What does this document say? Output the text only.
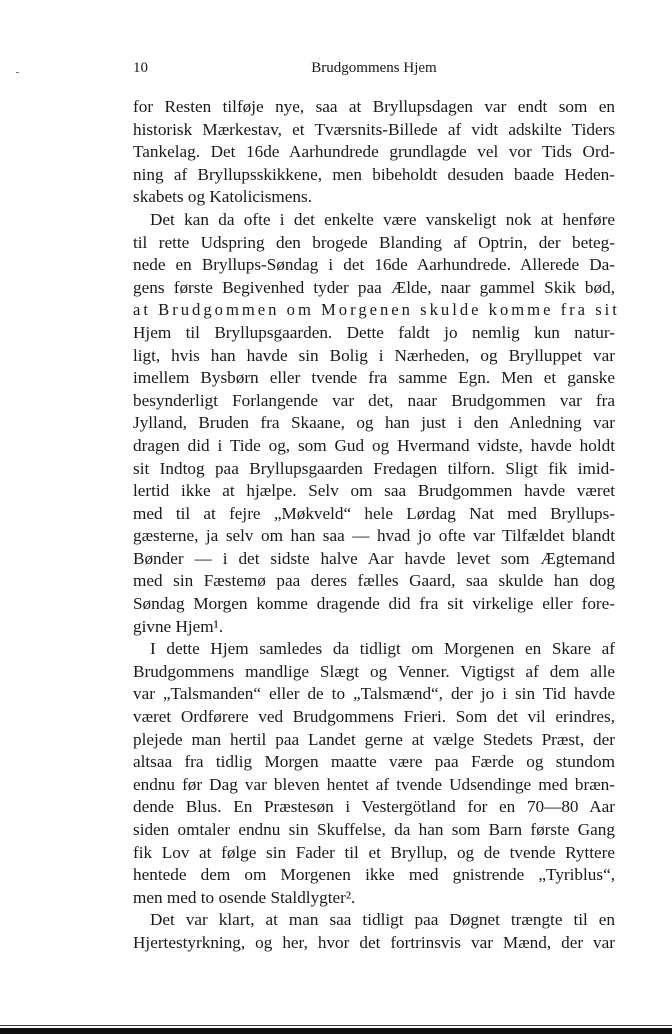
10	Brudgommens Hjem
for Resten tilføje nye, saa at Bryllupsdagen var endt som en
historisk Mærkestav, et Tværsnits-Billede af vidt adskilte Tiders
Tankelag. Det 16de Aarhundrede grundlagde vel vor Tids Ord-
ning af Bryllupsskikkene, men bibeholdt desuden baade Heden-
skabets og Katolicismens.
Det kan da ofte i det enkelte være vanskeligt nok at henføre
til rette Udspring den brogede Blanding af Optrin, der beteg-
nede en Bryllups-Søndag i det 16de Aarhundrede. Allerede Da-
gens første Begivenhed tyder paa Ælde, naar gammel Skik bød,
at Brudgommen om Morgenen skulde komme fra sit
Hjem til Bryllupsgaarden. Dette faldt jo nemlig kun natur-
ligt, hvis han havde sin Bolig i Nærheden, og Brylluppet var
imellem Bysbørn eller tvende fra samme Egn. Men et ganske
besynderligt Forlangende var det, naar Brudgommen var fra
Jylland, Bruden fra Skaane, og han just i den Anledning var
dragen did i Tide og, som Gud og Hvermand vidste, havde holdt
sit Indtog paa Bryllupsgaarden Fredagen tilforn. Sligt fik imid-
lertid ikke at hjælpe. Selv om saa Brudgommen havde været
med til at fejre „Møkveld“ hele Lørdag Nat med Bryllups-
gæsterne, ja selv om han saa — hvad jo ofte var Tilfældet blandt
Bønder — i det sidste halve Aar havde levet som Ægtemand
med sin Fæstemø paa deres fælles Gaard, saa skulde han dog
Søndag Morgen komme dragende did fra sit virkelige eller fore-
givne Hjem¹.
I dette Hjem samledes da tidligt om Morgenen en Skare af
Brudgommens mandlige Slægt og Venner. Vigtigst af dem alle
var „Talsmanden“ eller de to „Talsmænd“, der jo i sin Tid havde
været Ordførere ved Brudgommens Frieri. Som det vil erindres,
plejede man hertil paa Landet gerne at vælge Stedets Præst, der
altsaa fra tidlig Morgen maatte være paa Færde og stundom
endnu før Dag var bleven hentet af tvende Udsendinge med bræn-
dende Blus. En Præstesøn i Vestergötland for en 70—80 Aar
siden omtaler endnu sin Skuffelse, da han som Barn første Gang
fik Lov at følge sin Fader til et Bryllup, og de tvende Ryttere
hentede dem om Morgenen ikke med gnistrende „Tyriblus“,
men med to osende Staldlygter².
Det var klart, at man saa tidligt paa Døgnet trængte til en
Hjertestyrkning, og her, hvor det fortrinsvis var Mænd, der var
